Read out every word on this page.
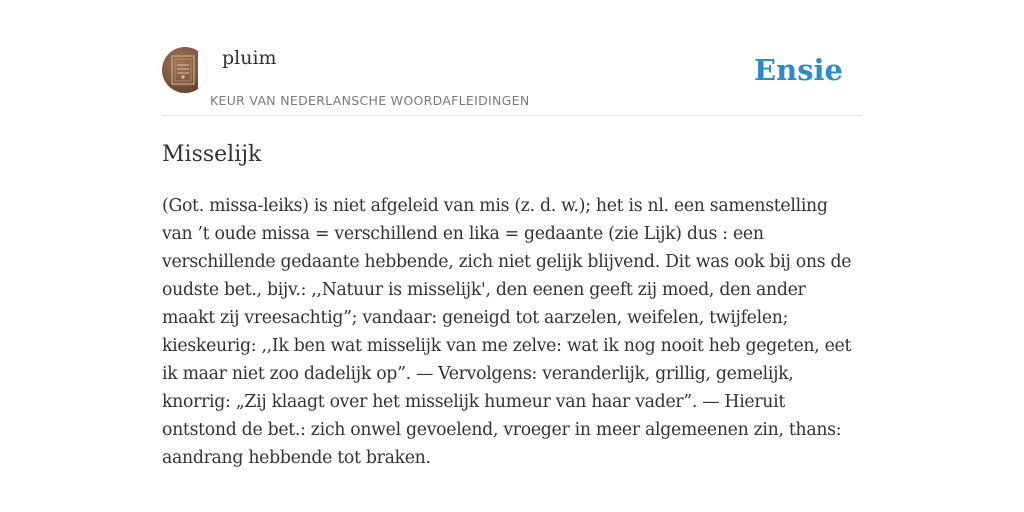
pluim
KEUR VAN NEDERLANSCHE WOORDAFLEIDINGEN
Ensie
Misselijk

(Got. missa-leiks) is niet afgeleid van mis (z. d. w.); het is nl. een samenstelling
van ’t oude missa = verschillend en lika = gedaante (zie Lijk) dus : een
verschillende gedaante hebbende, zich niet gelijk blijvend. Dit was ook bij ons de
oudste bet., bijv.: ,,Natuur is misselijk', den eenen geeft zij moed, den ander
maakt zij vreesachtig”; vandaar: geneigd tot aarzelen, weifelen, twijfelen;
kieskeurig: ,,Ik ben wat misselijk van me zelve: wat ik nog nooit heb gegeten, eet
ik maar niet zoo dadelijk op”. — Vervolgens: veranderlijk, grillig, gemelijk,
knorrig: „Zij klaagt over het misselijk humeur van haar vader”. — Hieruit
ontstond de bet.: zich onwel gevoelend, vroeger in meer algemeenen zin, thans:
aandrang hebbende tot braken.
